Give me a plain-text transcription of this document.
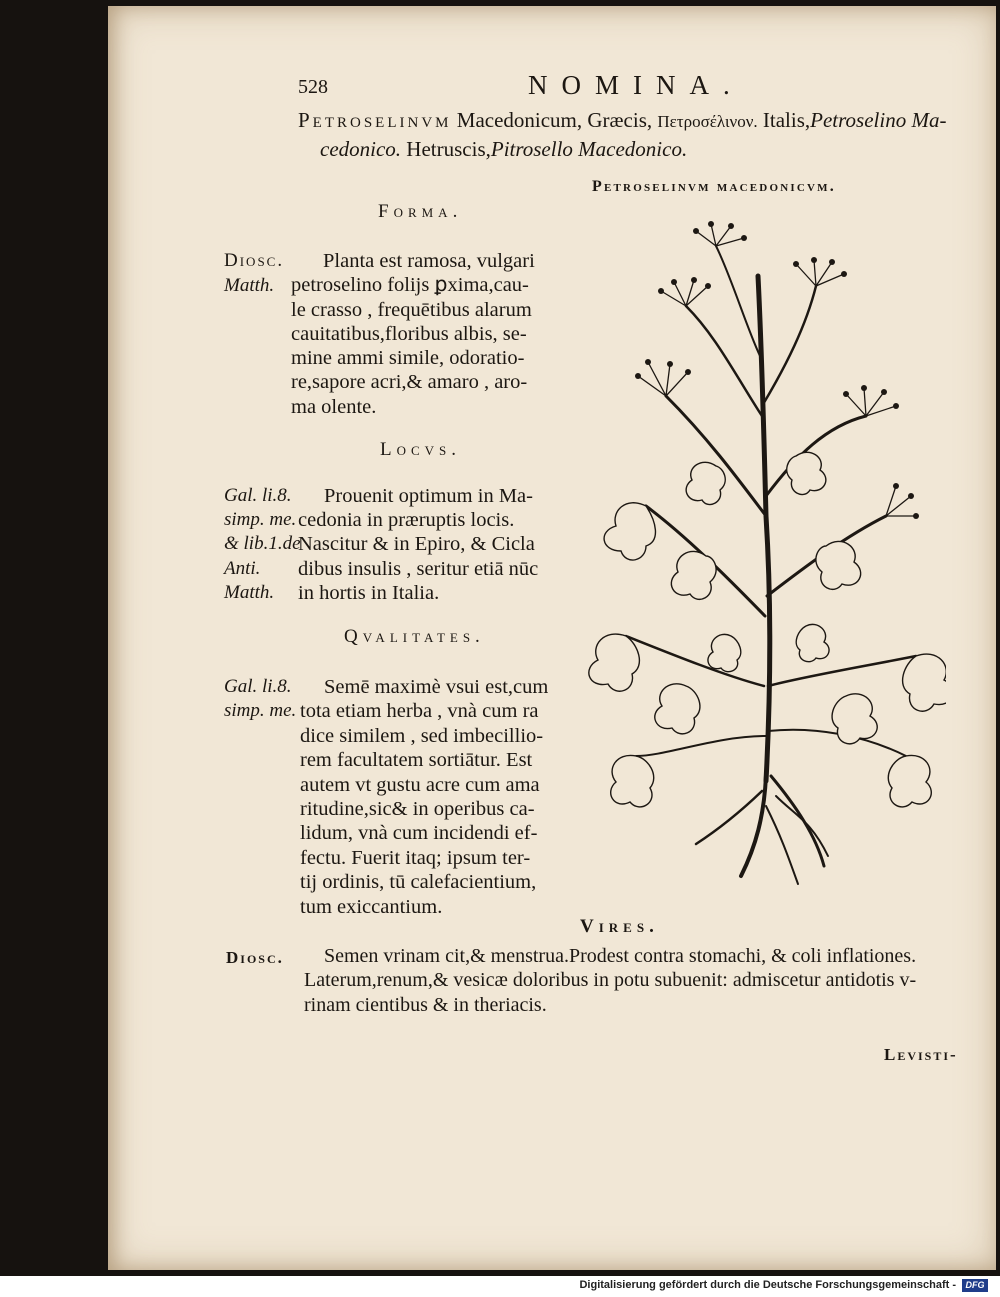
528	NOMINA.
Petroselinvm Macedonicum, Græcis, Πετροσέλινον. Italis,Petroselino Ma-
cedonico. Hetruscis,Pitrosello Macedonico.
Petroselinvm macedonicvm.
Forma.
Diosc.
Matth.
Planta est ramosa, vulgari
petroselino folijs ꝑxima,cau-
le crasso , frequētibus alarum
cauitatibus,floribus albis, se-
mine ammi simile, odoratio-
re,sapore acri,& amaro , aro-
ma olente.
Locvs.
Gal. li.8.
simp. me.
& lib.1.de
Anti.
Matth.
Prouenit optimum in Ma-
cedonia in præruptis locis.
Nascitur & in Epiro, & Cicla
dibus insulis , seritur etiā nūc
in hortis in Italia.
Qvalitates.
Gal. li.8.
simp. me.
Semē maximè vsui est,cum
tota etiam herba , vnà cum ra
dice similem , sed imbecillio-
rem facultatem sortiātur. Est
autem vt gustu acre cum ama
ritudine,sic& in operibus ca-
lidum, vnà cum incidendi ef-
fectu. Fuerit itaq; ipsum ter-
tij ordinis, tū calefacientium,
tum exiccantium.
Vires.
Diosc. Semen vrinam cit,& menstrua.Prodest contra stomachi, & coli inflationes.
Laterum,renum,& vesicæ doloribus in potu subuenit: admiscetur antidotis v-
rinam cientibus & in theriacis.
Levisti-
Digitalisierung gefördert durch die Deutsche Forschungsgemeinschaft -	DFG
